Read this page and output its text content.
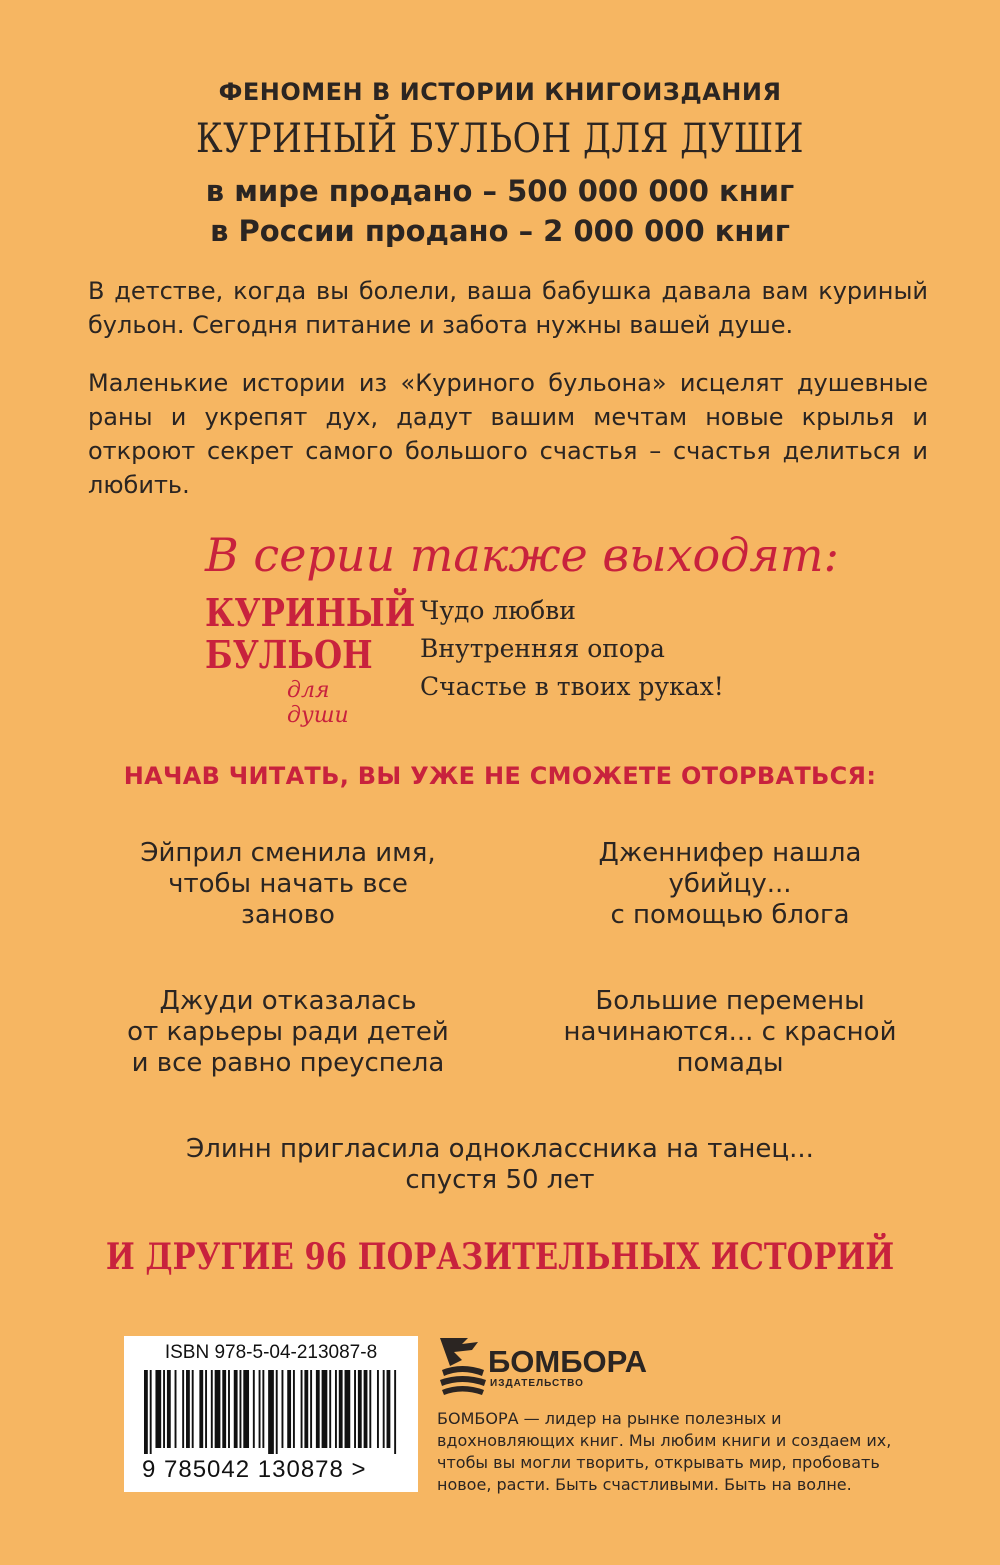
ФЕНОМЕН В ИСТОРИИ КНИГОИЗДАНИЯ
КУРИНЫЙ БУЛЬОН ДЛЯ ДУШИ
в мире продано – 500 000 000 книг
в России продано – 2 000 000 книг
В детстве, когда вы болели, ваша бабушка давала вам куриный бульон. Сегодня питание и забота нужны вашей душе.
Маленькие истории из «Куриного бульона» исцелят душевные раны и укрепят дух, дадут вашим мечтам новые крылья и откроют секрет самого большого счастья – счастья делиться и любить.
В серии также выходят:
КУРИНЫЙ
БУЛЬОН
для души
Чудо любви
Внутренняя опора
Счастье в твоих руках!
НАЧАВ ЧИТАТЬ, ВЫ УЖЕ НЕ СМОЖЕТЕ ОТОРВАТЬСЯ:
Эйприл сменила имя,
чтобы начать все
заново
Дженнифер нашла
убийцу...
с помощью блога
Джуди отказалась
от карьеры ради детей
и все равно преуспела
Большие перемены
начинаются... с красной
помады
Элинн пригласила одноклассника на танец...
спустя 50 лет
И ДРУГИЕ 96 ПОРАЗИТЕЛЬНЫХ ИСТОРИЙ
ISBN 978-5-04-213087-8
9 785042 130878 >
БОМБОРА
ИЗДАТЕЛЬСТВО
БОМБОРА — лидер на рынке полезных и вдохновляющих книг. Мы любим книги и создаем их, чтобы вы могли творить, открывать мир, пробовать новое, расти. Быть счастливыми. Быть на волне.
